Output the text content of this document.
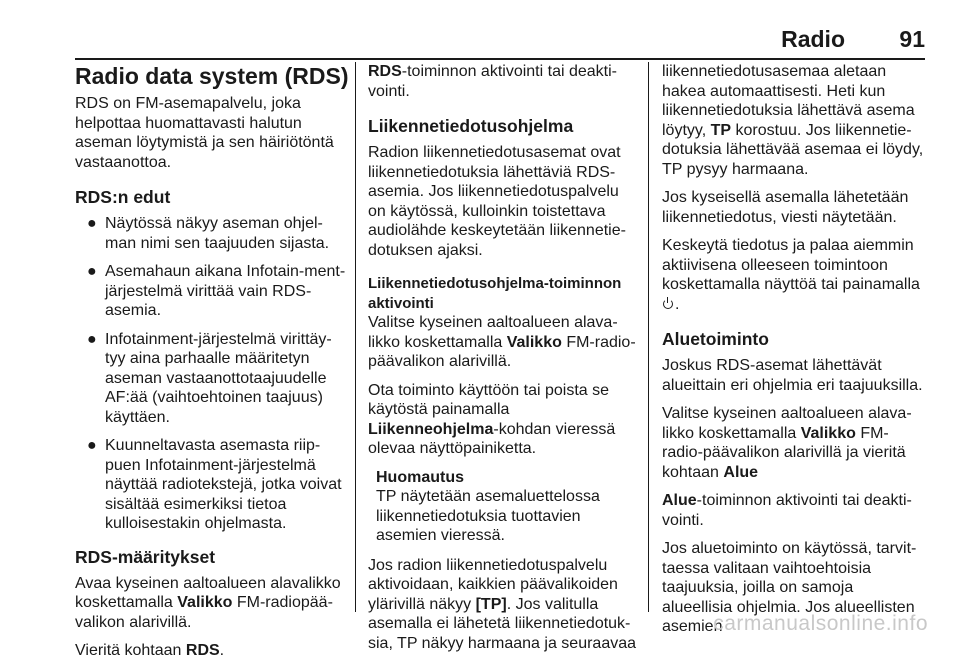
Radio 91
Radio data system (RDS)

RDS on FM-asemapalvelu, joka helpottaa huomattavasti halutun aseman löytymistä ja sen häiriötöntä vastaanottoa.

RDS:n edut
● Näytössä näkyy aseman ohjel-man nimi sen taajuuden sijasta.
● Asemahaun aikana Infotain-ment-järjestelmä virittää vain RDS-asemia.
● Infotainment-järjestelmä virittäy-tyy aina parhaalle määritetyn aseman vastaanottotaajuudelle AF:ää (vaihtoehtoinen taajuus) käyttäen.
● Kuunneltavasta asemasta riip-puen Infotainment-järjestelmä näyttää radiotekstejä, jotka voivat sisältää esimerkiksi tietoa kulloisestakin ohjelmasta.
RDS-määritykset

Avaa kyseinen aaltoalueen alavalikko koskettamalla Valikko FM-radiopää-valikon alarivillä.

Vieritä kohtaan RDS.

RDS-toiminnon aktivointi tai deakti-vointi.

Liikennetiedotusohjelma

Radion liikennetiedotusasemat ovat liikennetiedotuksia lähettäviä RDS-asemia. Jos liikennetiedotuspalvelu on käytössä, kulloinkin toistettava audiolähde keskeytetään liikennetie-dotuksen ajaksi.

Liikennetiedotusohjelma-toiminnon aktivointi

Valitse kyseinen aaltoalueen alava-likko koskettamalla Valikko FM-radio-päävalikon alarivillä.

Ota toiminto käyttöön tai poista se käytöstä painamalla Liikenneohjelma-kohdan vieressä olevaa näyttöpainiketta.

Huomautus
TP näytetään asemaluettelossa liikennetiedotuksia tuottavien asemien vieressä.

Jos radion liikennetiedotuspalvelu aktivoidaan, kaikkien päävalikoiden ylärivillä näkyy [TP]. Jos valitulla asemalla ei lähetetä liikennetiedotuk-sia, TP näkyy harmaana ja seuraavaa

liikennetiedotusasemaa aletaan hakea automaattisesti. Heti kun liikennetiedotuksia lähettävä asema löytyy, TP korostuu. Jos liikennetie-dotuksia lähettävää asemaa ei löydy, TP pysyy harmaana.

Jos kyseisellä asemalla lähetetään liikennetiedotus, viesti näytetään.

Keskeytä tiedotus ja palaa aiemmin aktiivisena olleeseen toimintoon koskettamalla näyttöä tai painamalla
.

Aluetoiminto

Joskus RDS-asemat lähettävät alueittain eri ohjelmia eri taajuuksilla.

Valitse kyseinen aaltoalueen alava-likko koskettamalla Valikko FM-radio-päävalikon alarivillä ja vieritä kohtaan Alue

Alue-toiminnon aktivointi tai deakti-vointi.

Jos aluetoiminto on käytössä, tarvit-taessa valitaan vaihtoehtoisia taajuuksia, joilla on samoja alueellisia ohjelmia. Jos alueellisten asemien

carmanualsonline.info
